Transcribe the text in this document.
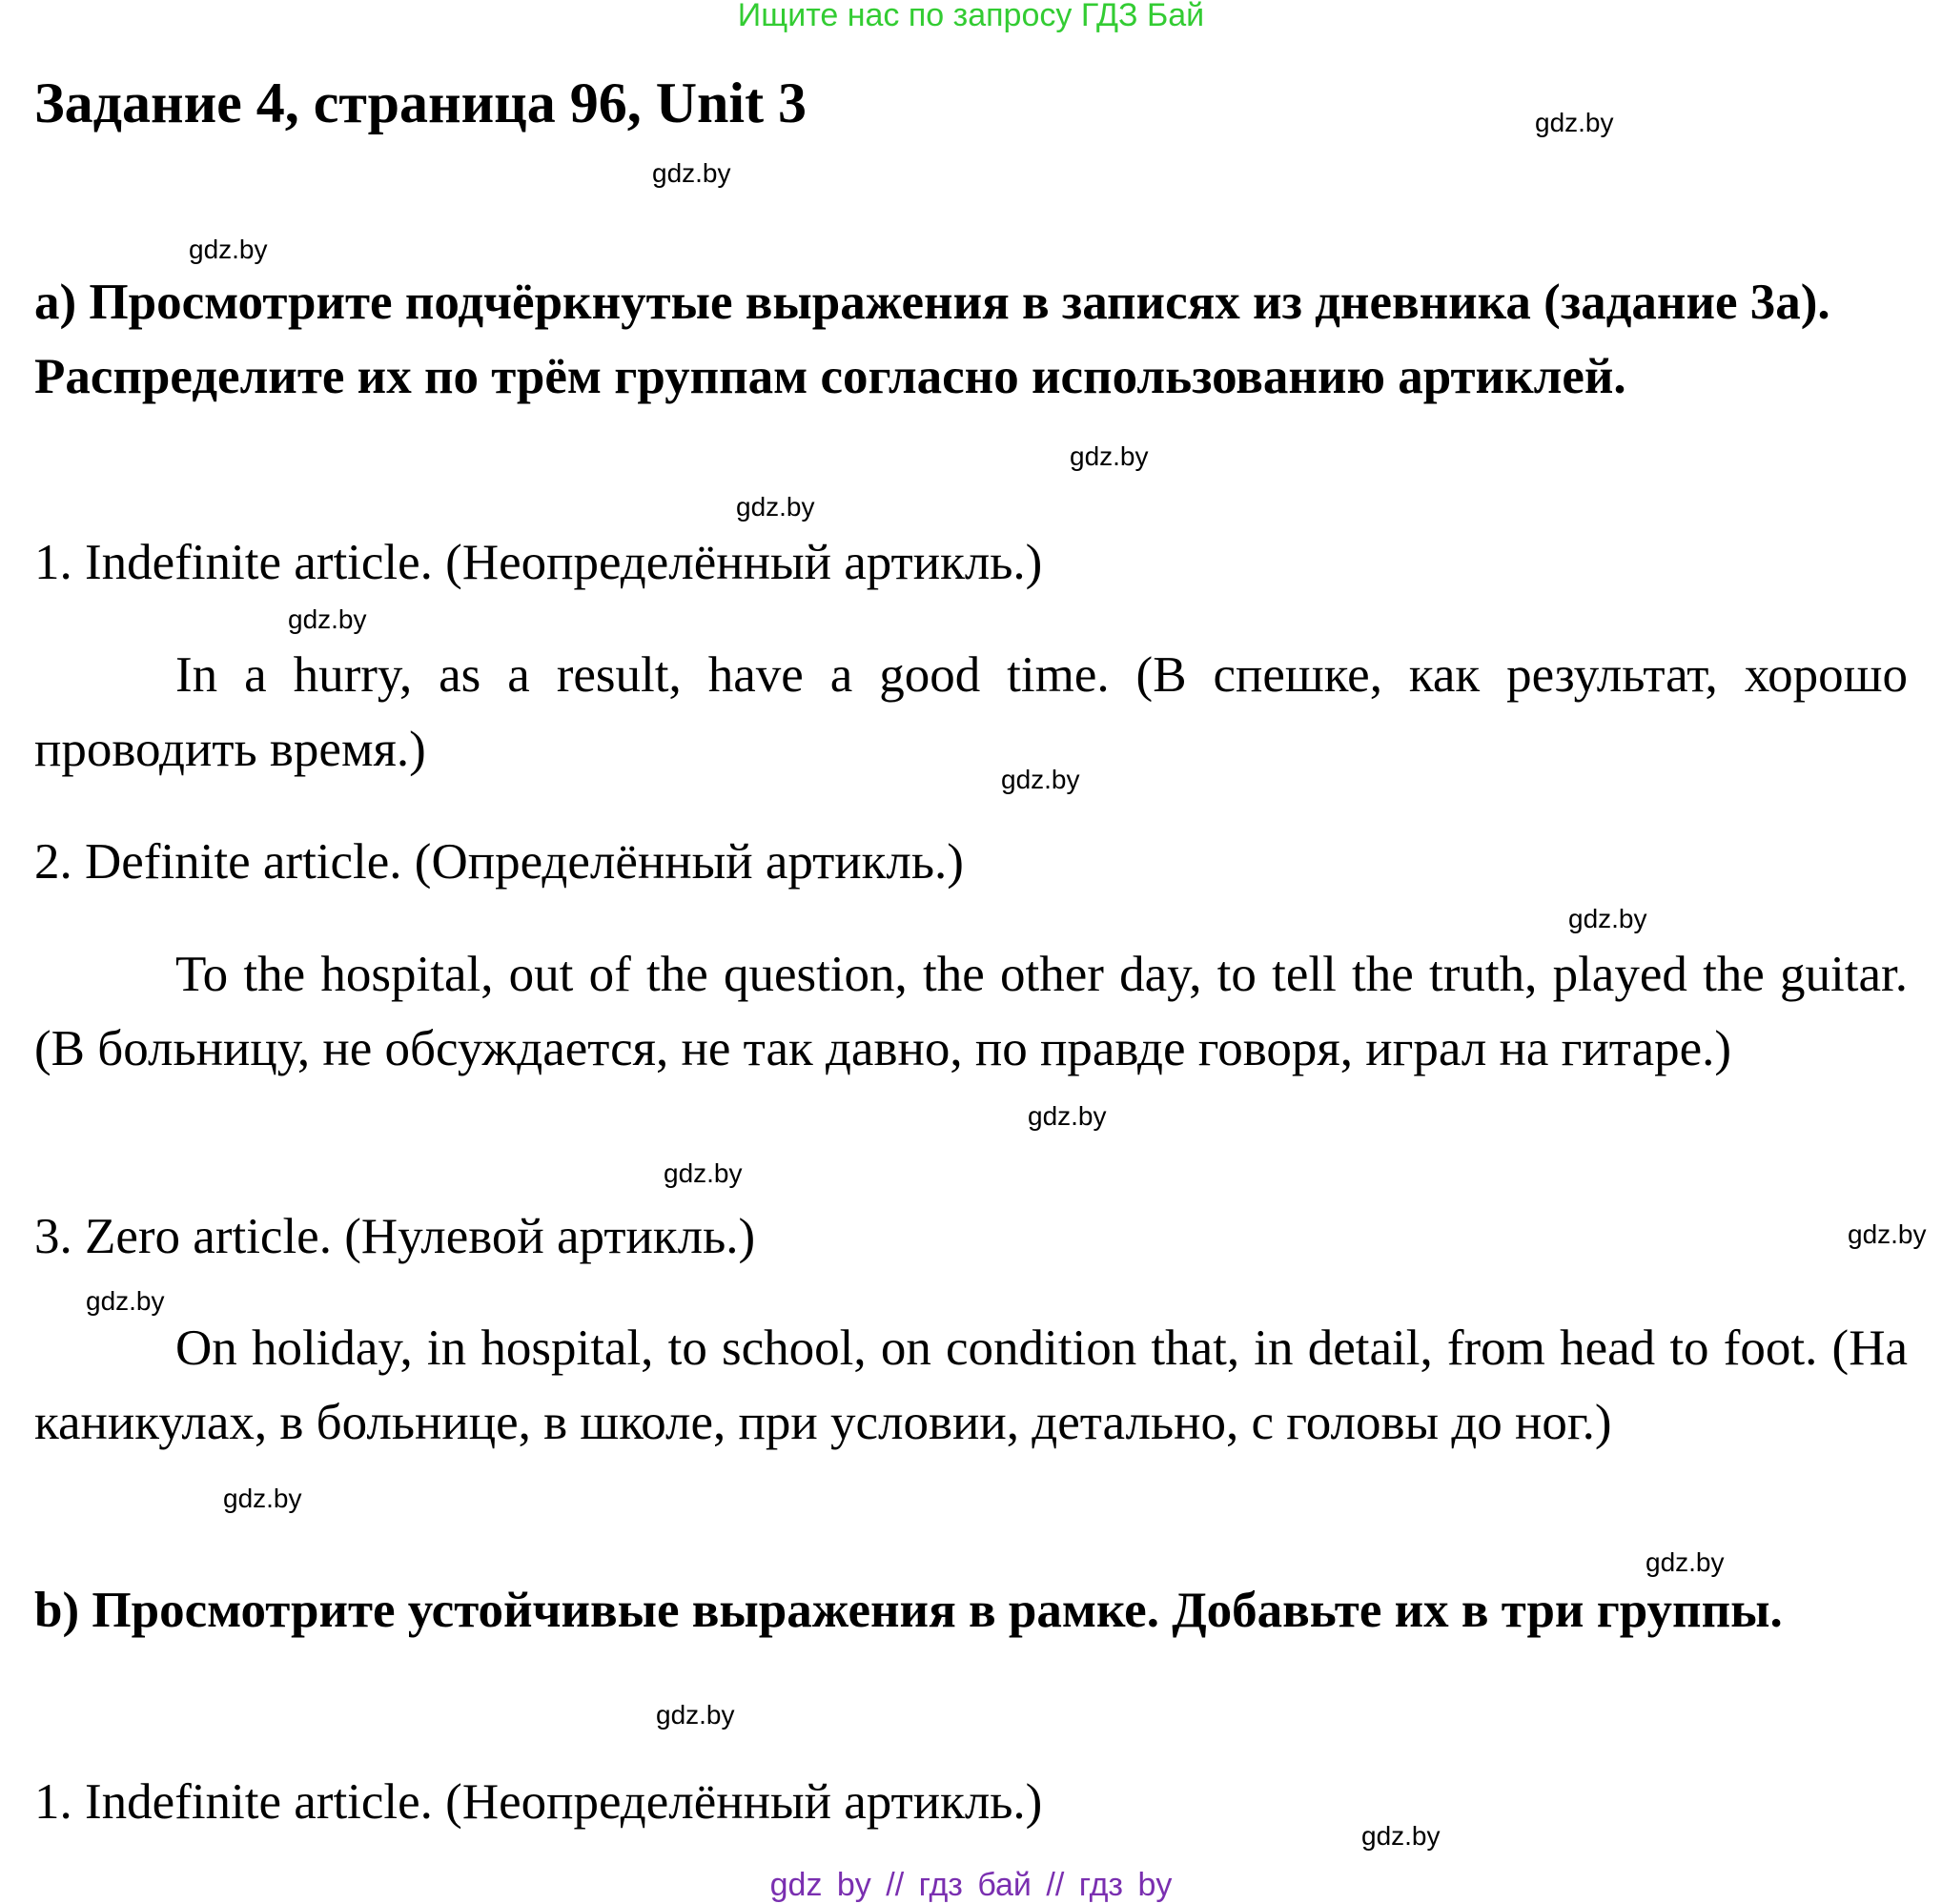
Ищите нас по запросу ГДЗ Бай
Задание 4, страница 96, Unit 3	gdz.by
gdz.by
gdz.by
gdz.by
gdz.by
gdz.by
gdz.by
gdz.by
gdz.by
gdz.by
gdz.by
gdz.by
gdz.by
gdz.by
gdz.by
gdz.by

a) Просмотрите подчёркнутые выражения в записях из дневника (задание 3a). Распределите их по трём группам согласно использованию артиклей.

1. Indefinite article. (Неопределённый артикль.)

In a hurry, as a result, have a good time. (В спешке, как результат, хорошо проводить время.)

2. Definite article. (Определённый артикль.)

To the hospital, out of the question, the other day, to tell the truth, played the guitar. (В больницу, не обсуждается, не так давно, по правде говоря, играл на гитаре.)

3. Zero article. (Нулевой артикль.)

On holiday, in hospital, to school, on condition that, in detail, from head to foot. (На каникулах, в больнице, в школе, при условии, детально, с головы до ног.)

b) Просмотрите устойчивые выражения в рамке. Добавьте их в три группы.

1. Indefinite article. (Неопределённый артикль.)

gdz by // гдз бай // гдз by
